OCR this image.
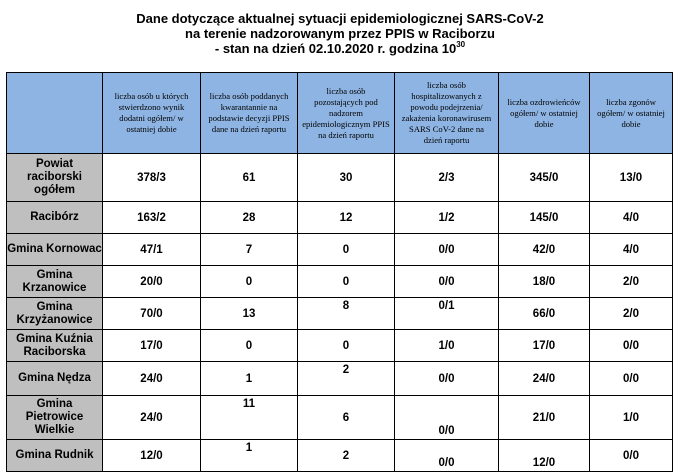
Dane dotyczące aktualnej sytuacji epidemiologicznej SARS-CoV-2
na terenie nadzorowanym przez PPIS w Raciborzu
- stan na dzień 02.10.2020 r. godzina $10^{30}$
	liczba osób u których stwierdzono wynik dodatni ogółem/ w ostatniej dobie	liczba osób poddanych kwarantannie na podstawie decyzji PPIS dane na dzień raportu	liczba osób pozostających pod nadzorem epidemiologicznym PPIS na dzień raportu	liczba osób hospitalizowanych z powodu podejrzenia/ zakażenia koronawirusem SARS CoV-2 dane na dzień raportu	liczba ozdrowieńców ogółem/ w ostatniej dobie	liczba zgonów ogółem/ w ostatniej dobie
Powiat raciborski ogółem	378/3	61	30	2/3	345/0	13/0
Racibórz	163/2	28	12	1/2	145/0	4/0
Gmina Kornowac	47/1	7	0	0/0	42/0	4/0
Gmina Krzanowice	20/0	0	0	0/0	18/0	2/0
Gmina Krzyżanowice	70/0	13	8	0/1	66/0	2/0
Gmina Kuźnia Raciborska	17/0	0	0	1/0	17/0	0/0
Gmina Nędza	24/0	1	2	0/0	24/0	0/0
Gmina Pietrowice Wielkie	24/0	11	6	0/0	21/0	1/0
Gmina Rudnik	12/0	1	2	0/0	12/0	0/0
